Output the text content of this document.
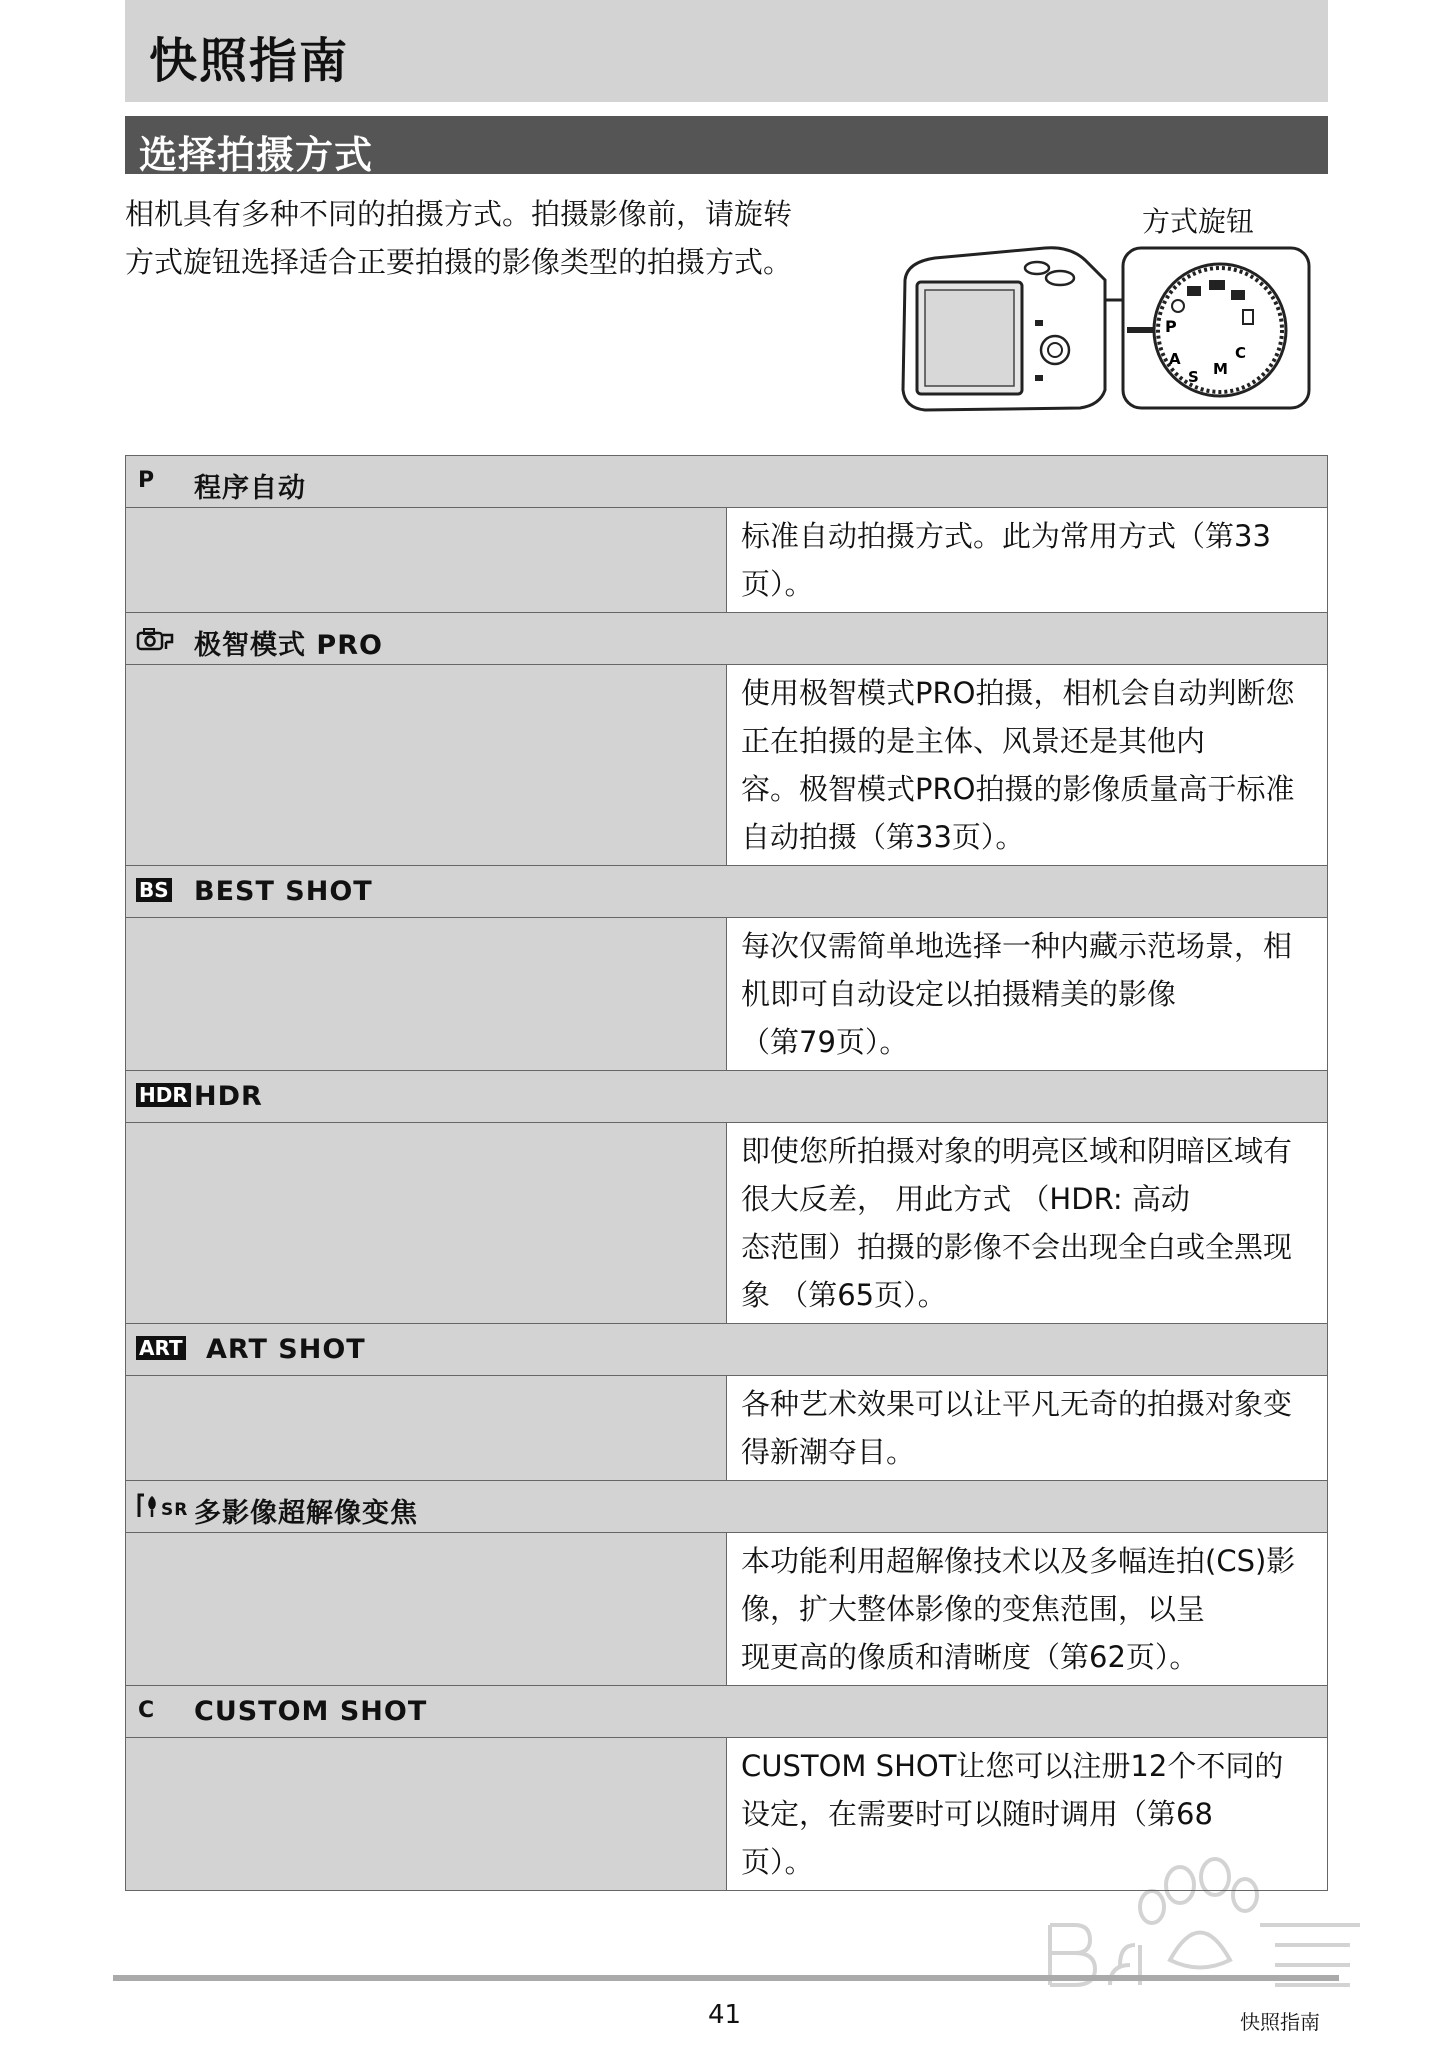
快照指南
选择拍摄方式
相机具有多种不同的拍摄方式。拍摄影像前，请旋转
方式旋钮选择适合正要拍摄的影像类型的拍摄方式。
方式旋钮
P
A
S M
C
P 程序自动	

	标准自动拍摄方式。此为常用方式（第33页）。

极智模式 PRO	

	使用极智模式PRO拍摄，相机会自动判断您正在拍摄的是主体、风景还是其他内
容。极智模式PRO拍摄的影像质量高于标准自动拍摄（第33页）。

BS BEST SHOT	

	每次仅需简单地选择一种内藏示范场景，相机即可自动设定以拍摄精美的影像
（第79页）。

HDR HDR	

	即使您所拍摄对象的明亮区域和阴暗区域有很大反差， 用此方式 （HDR: 高动
态范围）拍摄的影像不会出现全白或全黑现象 （第65页）。

ART ART SHOT	

	各种艺术效果可以让平凡无奇的拍摄对象变得新潮夺目。

SR 多影像超解像变焦	

	本功能利用超解像技术以及多幅连拍(CS)影像，扩大整体影像的变焦范围，以呈
现更高的像质和清晰度（第62页）。

C CUSTOM SHOT	

	CUSTOM SHOT让您可以注册12个不同的设定，在需要时可以随时调用（第68
页）。
41	快照指南
